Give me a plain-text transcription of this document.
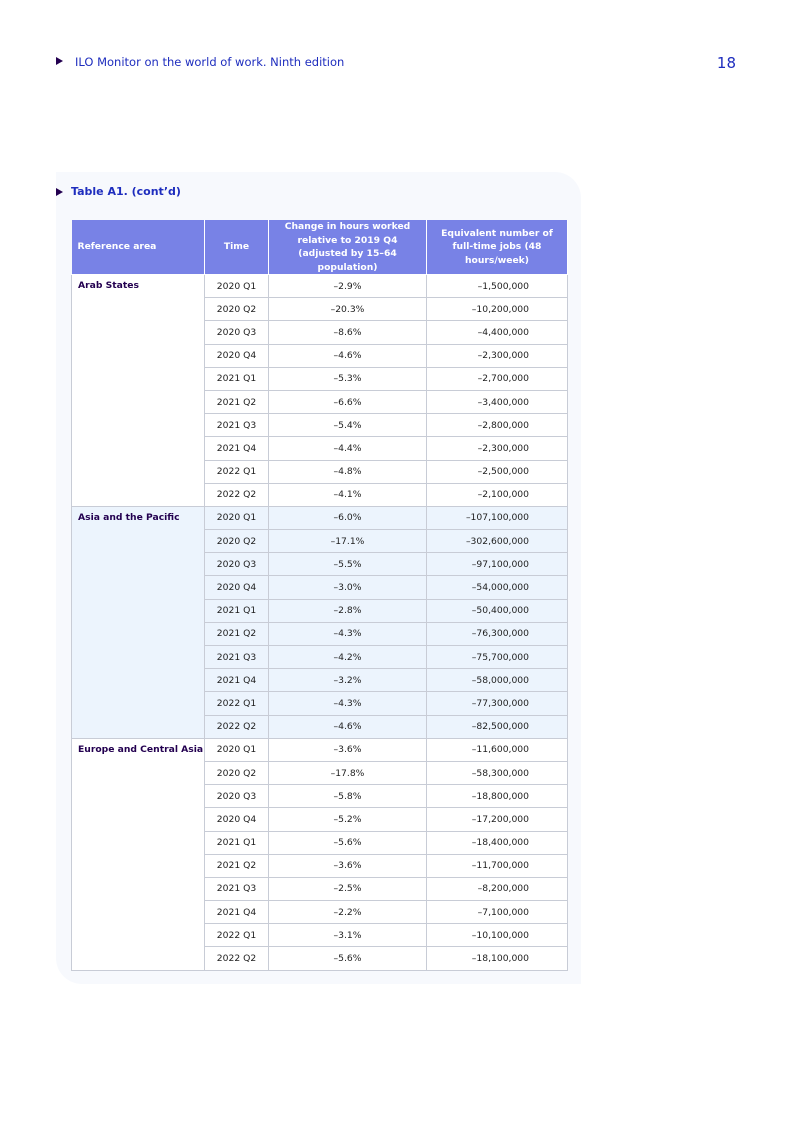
ILO Monitor on the world of work. Ninth edition	18
Table A1. (cont’d)
Reference area	Time	Change in hours worked relative to 2019 Q4 (adjusted by 15–64 population)	Equivalent number of full-time jobs (48 hours/week)
Arab States	2020 Q1	–2.9%	–1,500,000
	2020 Q2	–20.3%	–10,200,000
	2020 Q3	–8.6%	–4,400,000
	2020 Q4	–4.6%	–2,300,000
	2021 Q1	–5.3%	–2,700,000
	2021 Q2	–6.6%	–3,400,000
	2021 Q3	–5.4%	–2,800,000
	2021 Q4	–4.4%	–2,300,000
	2022 Q1	–4.8%	–2,500,000
	2022 Q2	–4.1%	–2,100,000
Asia and the Pacific	2020 Q1	–6.0%	–107,100,000
	2020 Q2	–17.1%	–302,600,000
	2020 Q3	–5.5%	–97,100,000
	2020 Q4	–3.0%	–54,000,000
	2021 Q1	–2.8%	–50,400,000
	2021 Q2	–4.3%	–76,300,000
	2021 Q3	–4.2%	–75,700,000
	2021 Q4	–3.2%	–58,000,000
	2022 Q1	–4.3%	–77,300,000
	2022 Q2	–4.6%	–82,500,000
Europe and Central Asia	2020 Q1	–3.6%	–11,600,000
	2020 Q2	–17.8%	–58,300,000
	2020 Q3	–5.8%	–18,800,000
	2020 Q4	–5.2%	–17,200,000
	2021 Q1	–5.6%	–18,400,000
	2021 Q2	–3.6%	–11,700,000
	2021 Q3	–2.5%	–8,200,000
	2021 Q4	–2.2%	–7,100,000
	2022 Q1	–3.1%	–10,100,000
	2022 Q2	–5.6%	–18,100,000
